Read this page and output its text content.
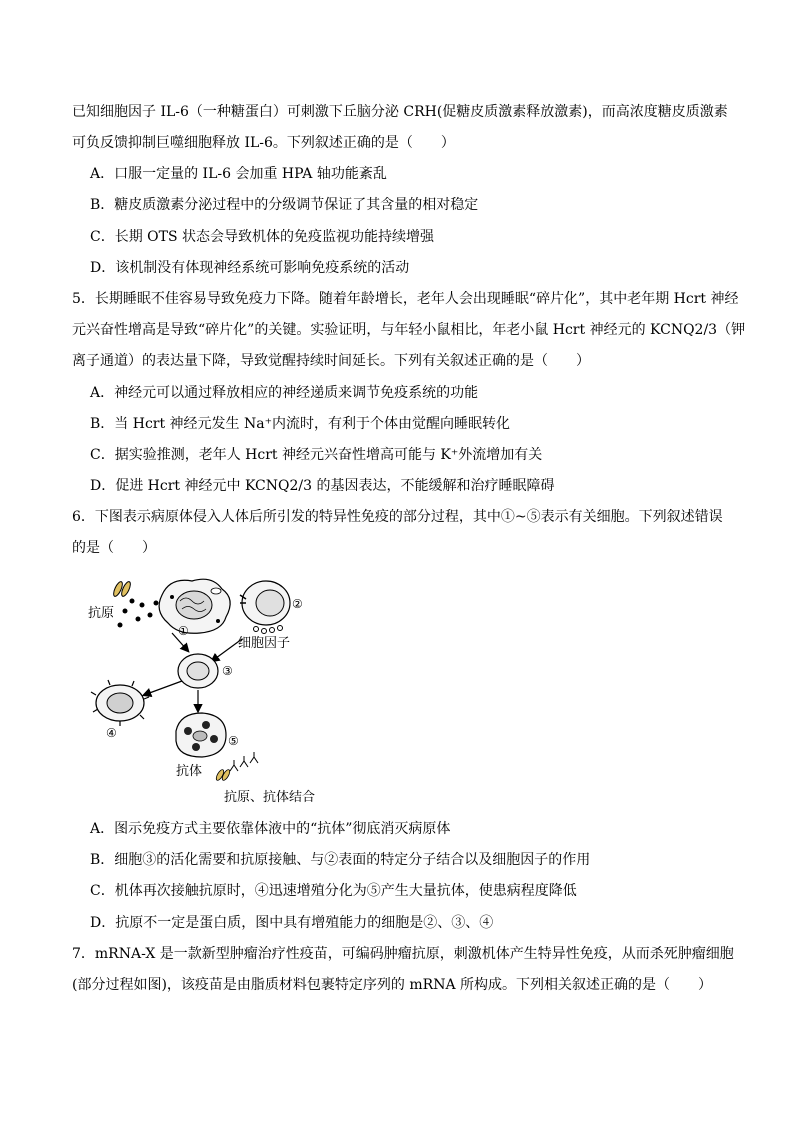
已知细胞因子 IL-6（一种糖蛋白）可刺激下丘脑分泌 CRH(促糖皮质激素释放激素)，而高浓度糖皮质激素
可负反馈抑制巨噬细胞释放 IL-6。下列叙述正确的是（　　）
A．口服一定量的 IL-6 会加重 HPA 轴功能紊乱
B．糖皮质激素分泌过程中的分级调节保证了其含量的相对稳定
C．长期 OTS 状态会导致机体的免疫监视功能持续增强
D．该机制没有体现神经系统可影响免疫系统的活动
5．长期睡眠不佳容易导致免疫力下降。随着年龄增长，老年人会出现睡眠“碎片化”，其中老年期 Hcrt 神经
元兴奋性增高是导致“碎片化”的关键。实验证明，与年轻小鼠相比，年老小鼠 Hcrt 神经元的 KCNQ2/3（钾
离子通道）的表达量下降，导致觉醒持续时间延长。下列有关叙述正确的是（　　）
A．神经元可以通过释放相应的神经递质来调节免疫系统的功能
B．当 Hcrt 神经元发生 Na⁺内流时，有利于个体由觉醒向睡眠转化
C．据实验推测，老年人 Hcrt 神经元兴奋性增高可能与 K⁺外流增加有关
D．促进 Hcrt 神经元中 KCNQ2/3 的基因表达，不能缓解和治疗睡眠障碍
6．下图表示病原体侵入人体后所引发的特异性免疫的部分过程，其中①~⑤表示有关细胞。下列叙述错误
的是（　　）
抗原
①
②
细胞因子
③
④
⑤
抗体
抗原、抗体结合
A．图示免疫方式主要依靠体液中的“抗体”彻底消灭病原体
B．细胞③的活化需要和抗原接触、与②表面的特定分子结合以及细胞因子的作用
C．机体再次接触抗原时，④迅速增殖分化为⑤产生大量抗体，使患病程度降低
D．抗原不一定是蛋白质，图中具有增殖能力的细胞是②、③、④
7．mRNA-X 是一款新型肿瘤治疗性疫苗，可编码肿瘤抗原，刺激机体产生特异性免疫，从而杀死肿瘤细胞
(部分过程如图)，该疫苗是由脂质材料包裹特定序列的 mRNA 所构成。下列相关叙述正确的是（　　）
